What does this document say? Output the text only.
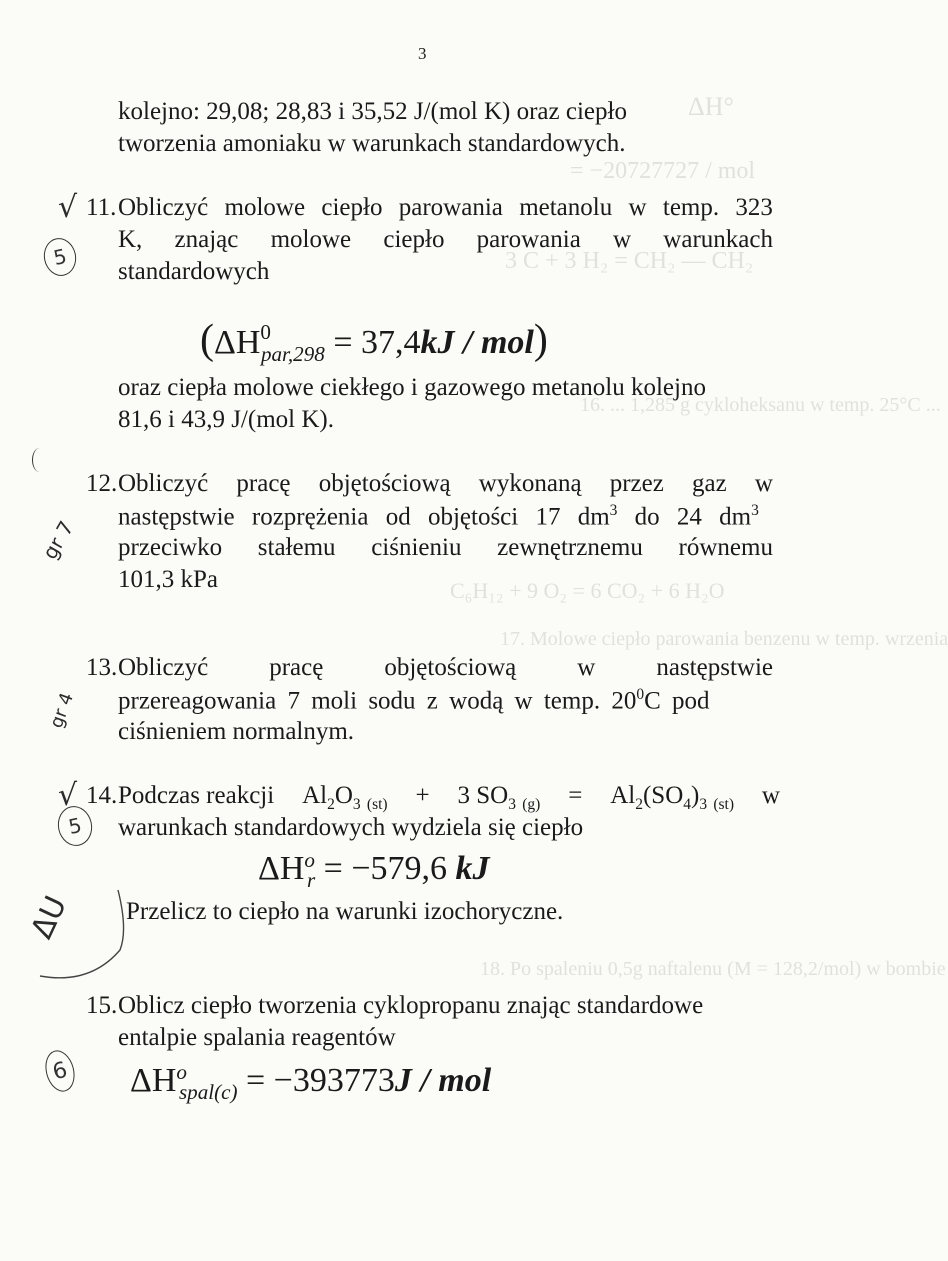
ΔH°
= −20727727 / mol
3 C + 3 H₂ = CH₂ — CH₂
16. ... 1,285 g cykloheksanu w temp. 25°C ...
C₆H₁₂ + 9 O₂ = 6 CO₂ + 6 H₂O
17. Molowe ciepło parowania benzenu w temp. wrzenia
18. Po spaleniu 0,5g naftalenu (M = 128,2/mol) w bombie
3
kolejno: 29,08; 28,83 i 35,52 J/(mol K) oraz ciepło
tworzenia amoniaku w warunkach standardowych.
11. Obliczyć molowe ciepło parowania metanolu w temp. 323
K, znając molowe ciepło parowania w warunkach
standardowych
$(\Delta H^0_{par,298} = 37,4kJ / mol)$
oraz ciepła molowe ciekłego i gazowego metanolu kolejno
81,6 i 43,9 J/(mol K).
12. Obliczyć pracę objętościową wykonaną przez gaz w
następstwie rozprężenia od objętości 17 $dm^3$ do 24 $dm^3$
przeciwko stałemu ciśnieniu zewnętrznemu równemu
101,3 kPa
13. Obliczyć pracę objętościową w następstwie
przereagowania 7 moli sodu z wodą w temp. $20^0C$ pod
ciśnieniem normalnym.
14. Podczas reakcji $Al_2O_3$ $_{(st)}$ + 3 $SO_3$ $_{(g)} = Al_2(SO_4)_3$ $_{(st)}$ w
warunkach standardowych wydziela się ciepło
$\Delta H^o_r = -579,6$ kJ
Przelicz to ciepło na warunki izochoryczne.
15. Oblicz ciepło tworzenia cyklopropanu znając standardowe
entalpie spalania reagentów
$\Delta H^o_{spal(c)} = -393773J$ / mol
√
5
gr 7
gr 4
√
5
ΔU
6
